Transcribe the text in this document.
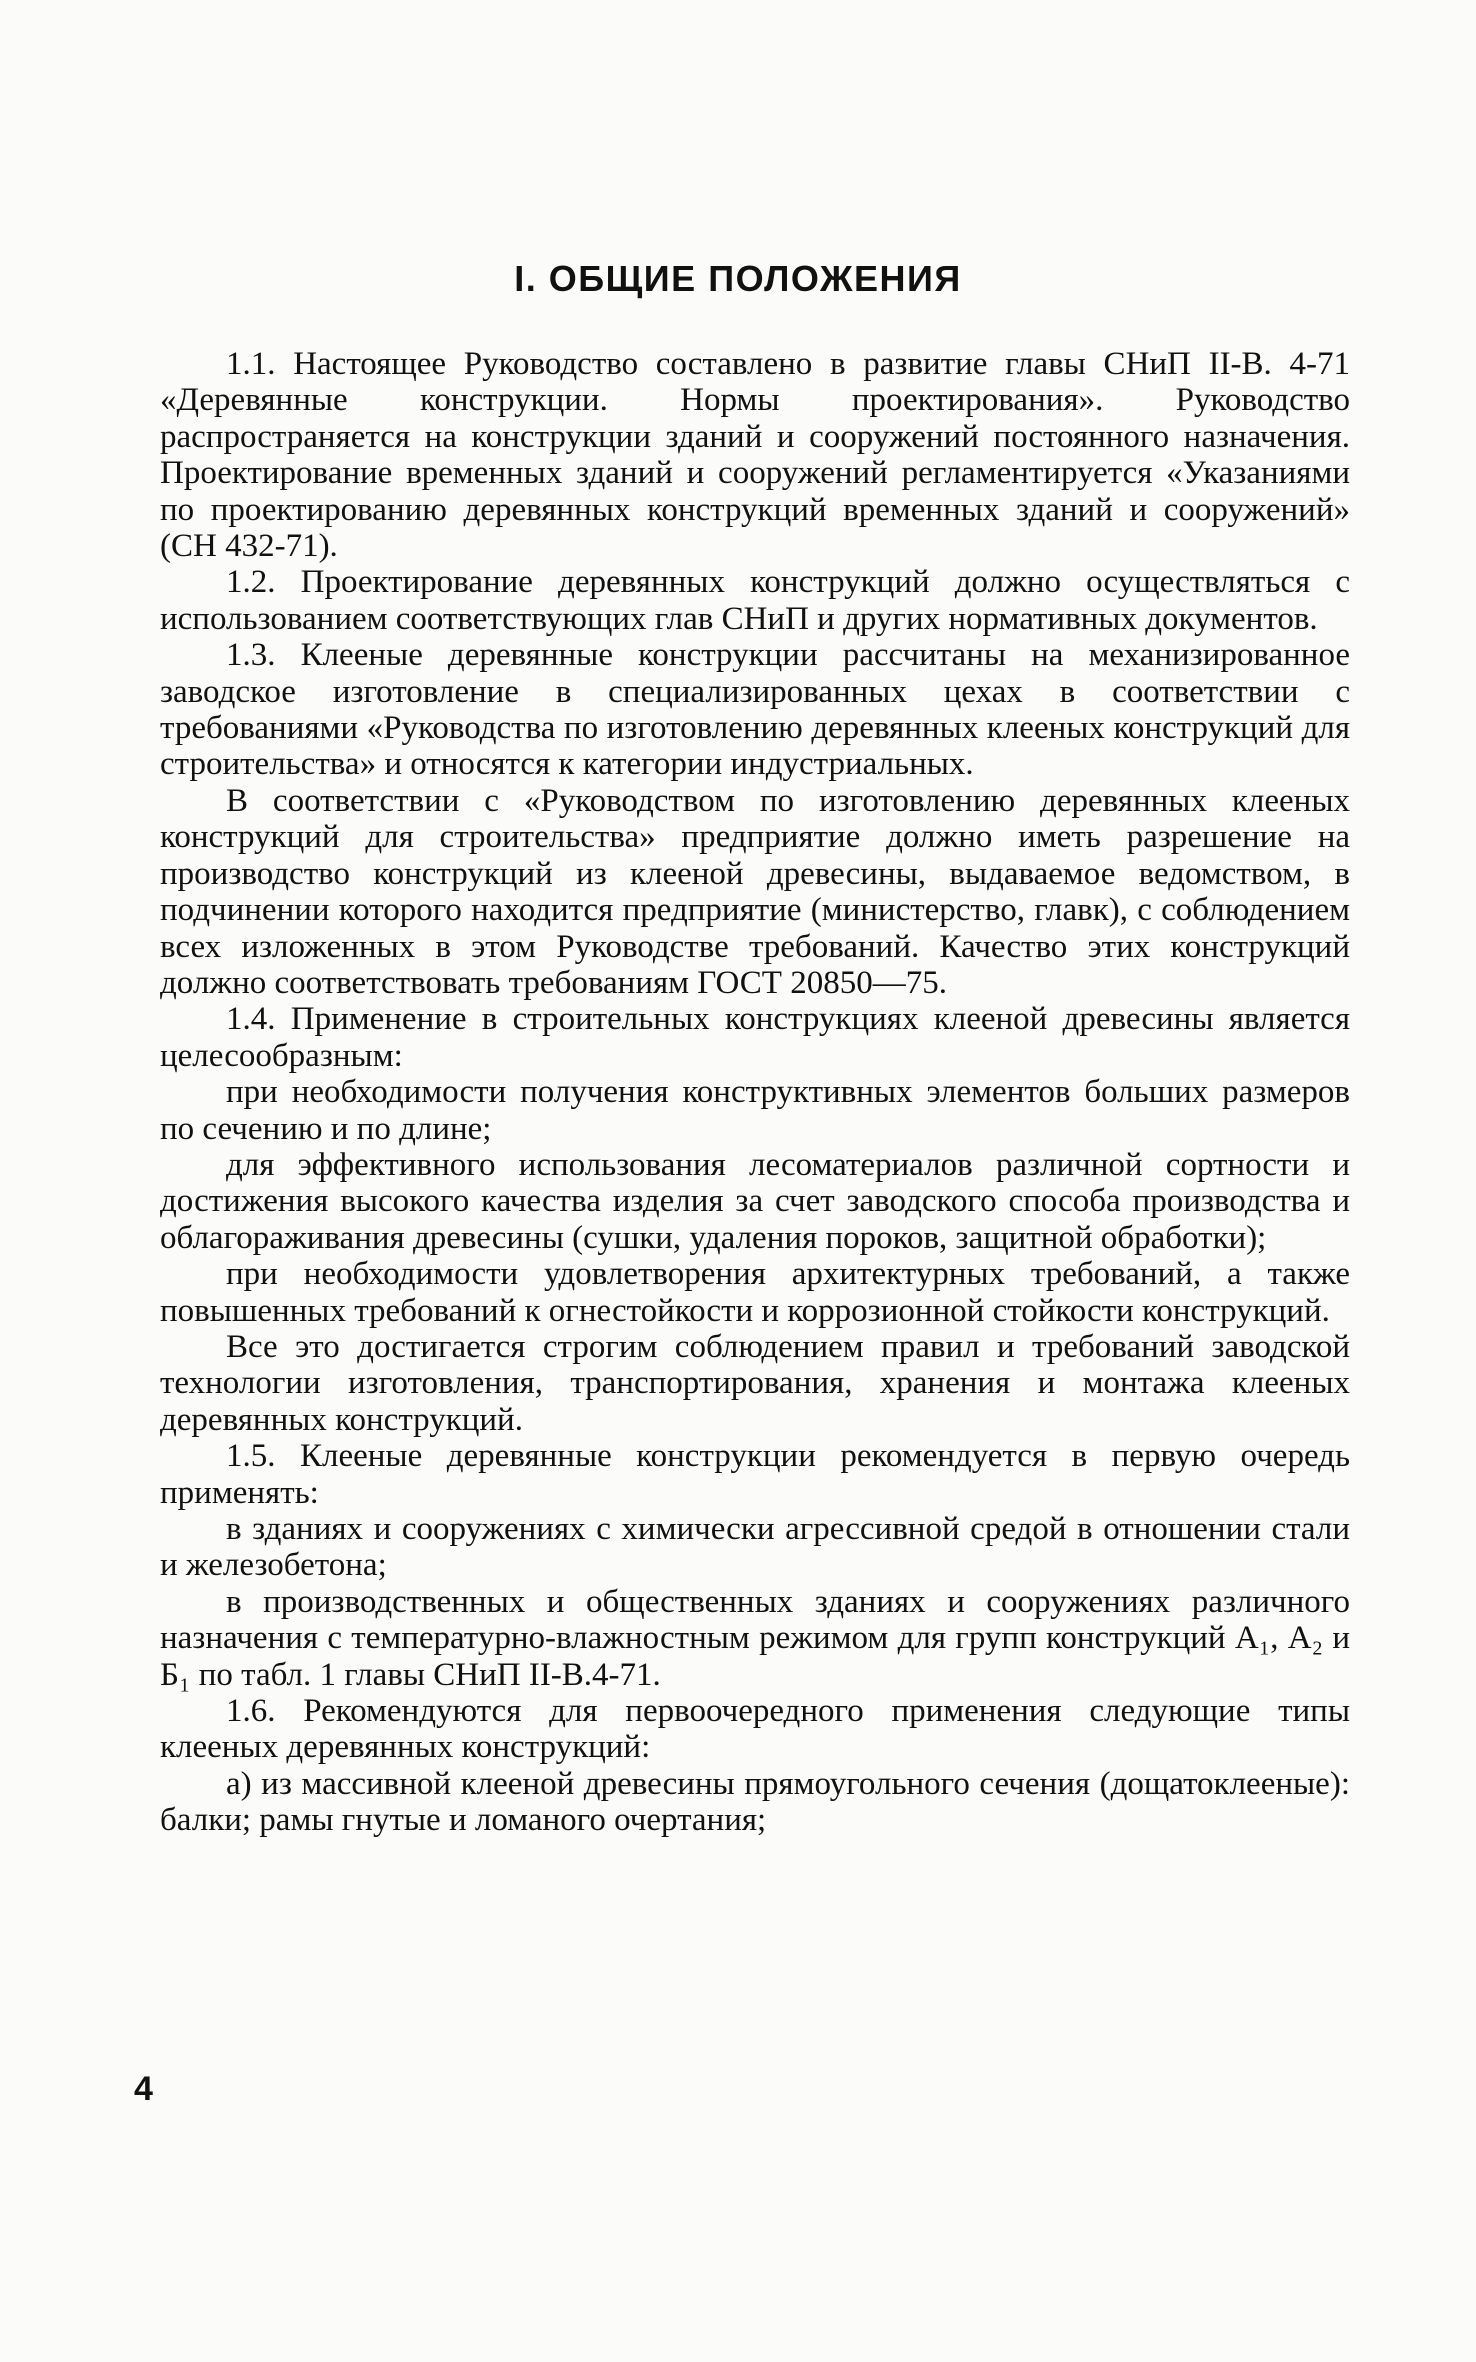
I. ОБЩИЕ ПОЛОЖЕНИЯ

1.1. Настоящее Руководство составлено в развитие главы СНиП II-В. 4-71 «Деревянные конструкции. Нормы проектирования». Руководство распространяется на конструкции зданий и сооружений постоянного назначения. Проектирование временных зданий и сооружений регламентируется «Указаниями по проектированию деревянных конструкций временных зданий и сооружений» (СН 432-71).

1.2. Проектирование деревянных конструкций должно осуществляться с использованием соответствующих глав СНиП и других нормативных документов.

1.3. Клееные деревянные конструкции рассчитаны на механизированное заводское изготовление в специализированных цехах в соответствии с требованиями «Руководства по изготовлению деревянных клееных конструкций для строительства» и относятся к категории индустриальных.

В соответствии с «Руководством по изготовлению деревянных клееных конструкций для строительства» предприятие должно иметь разрешение на производство конструкций из клееной древесины, выдаваемое ведомством, в подчинении которого находится предприятие (министерство, главк), с соблюдением всех изложенных в этом Руководстве требований. Качество этих конструкций должно соответствовать требованиям ГОСТ 20850—75.

1.4. Применение в строительных конструкциях клееной древесины является целесообразным:

при необходимости получения конструктивных элементов больших размеров по сечению и по длине;

для эффективного использования лесоматериалов различной сортности и достижения высокого качества изделия за счет заводского способа производства и облагораживания древесины (сушки, удаления пороков, защитной обработки);

при необходимости удовлетворения архитектурных требований, а также повышенных требований к огнестойкости и коррозионной стойкости конструкций.

Все это достигается строгим соблюдением правил и требований заводской технологии изготовления, транспортирования, хранения и монтажа клееных деревянных конструкций.

1.5. Клееные деревянные конструкции рекомендуется в первую очередь применять:

в зданиях и сооружениях с химически агрессивной средой в отношении стали и железобетона;

в производственных и общественных зданиях и сооружениях различного назначения с температурно-влажностным режимом для групп конструкций А₁, А₂ и Б₁ по табл. 1 главы СНиП II-В.4-71.

1.6. Рекомендуются для первоочередного применения следующие типы клееных деревянных конструкций:

а) из массивной клееной древесины прямоугольного сечения (дощатоклееные): балки; рамы гнутые и ломаного очертания;

4
